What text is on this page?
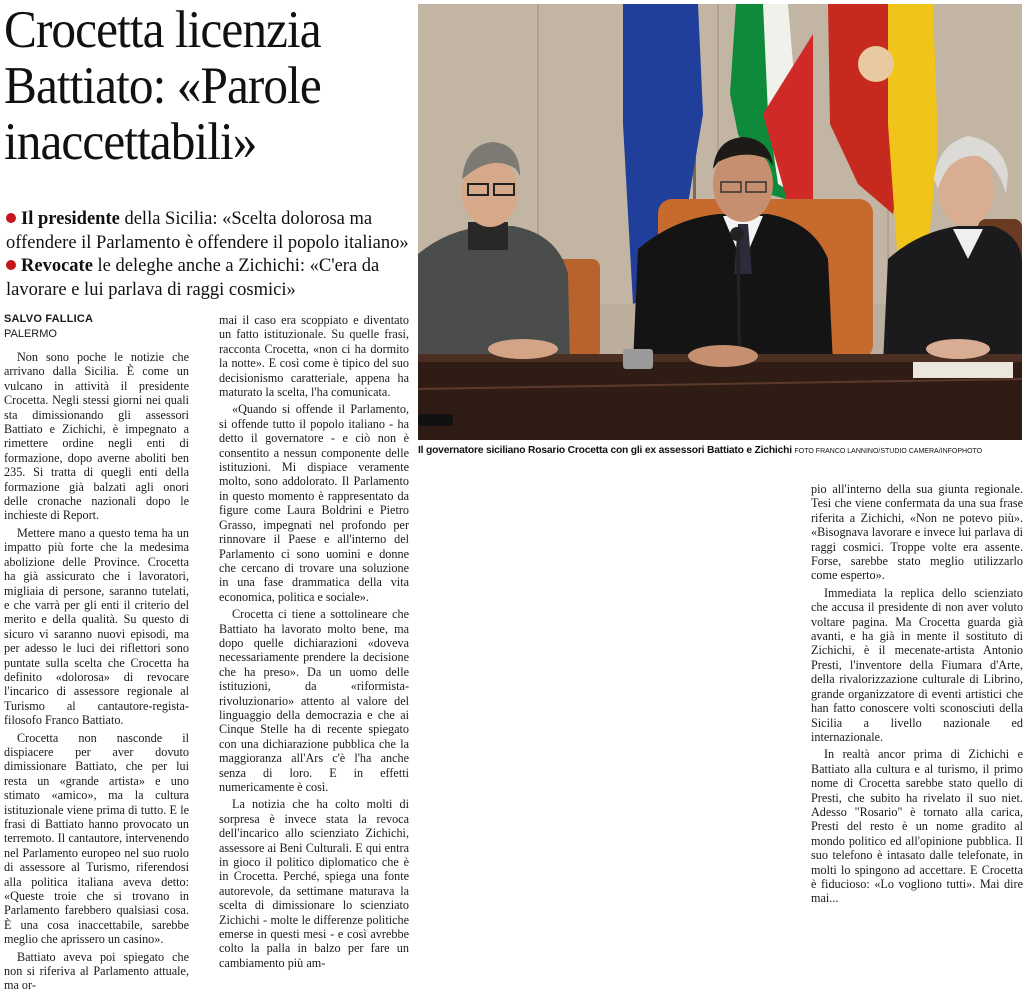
Crocetta licenzia
Battiato: «Parole
inaccettabili»
Il presidente della Sicilia: «Scelta dolorosa ma offendere il Parlamento è offendere il popolo italiano» Revocate le deleghe anche a Zichichi: «C'era da lavorare e lui parlava di raggi cosmici»
SALVO FALLICA
PALERMO

Non sono poche le notizie che arrivano dalla Sicilia. È come un vulcano in attività il presidente Crocetta. Negli stessi giorni nei quali sta dimissionando gli assessori Battiato e Zichichi, è impegnato a rimettere ordine negli enti di formazione, dopo averne aboliti ben 235. Si tratta di quegli enti della formazione già balzati agli onori delle cronache nazionali dopo le inchieste di Report.

Mettere mano a questo tema ha un impatto più forte che la medesima abolizione delle Province. Crocetta ha già assicurato che i lavoratori, migliaia di persone, saranno tutelati, e che varrà per gli enti il criterio del merito e della qualità. Su questo di sicuro vi saranno nuovi episodi, ma per adesso le luci dei riflettori sono puntate sulla scelta che Crocetta ha definito «dolorosa» di revocare l'incarico di assessore regionale al Turismo al cantautore-regista-filosofo Franco Battiato.

Crocetta non nasconde il dispiacere per aver dovuto dimissionare Battiato, che per lui resta un «grande artista» e uno stimato «amico», ma la cultura istituzionale viene prima di tutto. E le frasi di Battiato hanno provocato un terremoto. Il cantautore, intervenendo nel Parlamento europeo nel suo ruolo di assessore al Turismo, riferendosi alla politica italiana aveva detto: «Queste troie che si trovano in Parlamento farebbero qualsiasi cosa. È una cosa inaccettabile, sarebbe meglio che aprissero un casino».

Battiato aveva poi spiegato che non si riferiva al Parlamento attuale, ma or-

mai il caso era scoppiato e diventato un fatto istituzionale. Su quelle frasi, racconta Crocetta, «non ci ha dormito la notte». E così come è tipico del suo decisionismo caratteriale, appena ha maturato la scelta, l'ha comunicata.

«Quando si offende il Parlamento, si offende tutto il popolo italiano - ha detto il governatore - e ciò non è consentito a nessun componente delle istituzioni. Mi dispiace veramente molto, sono addolorato. Il Parlamento in questo momento è rappresentato da figure come Laura Boldrini e Pietro Grasso, impegnati nel profondo per rinnovare il Paese e all'interno del Parlamento ci sono uomini e donne che cercano di trovare una soluzione in una fase drammatica della vita economica, politica e sociale».

Crocetta ci tiene a sottolineare che Battiato ha lavorato molto bene, ma dopo quelle dichiarazioni «doveva necessariamente prendere la decisione che ha preso». Da un uomo delle istituzioni, da «riformista-rivoluzionario» attento al valore del linguaggio della democrazia e che ai Cinque Stelle ha di recente spiegato con una dichiarazione pubblica che la maggioranza all'Ars c'è l'ha anche senza di loro. E in effetti numericamente è così.

La notizia che ha colto molti di sorpresa è invece stata la revoca dell'incarico allo scienziato Zichichi, assessore ai Beni Culturali. E qui entra in gioco il politico diplomatico che è in Crocetta. Perché, spiega una fonte autorevole, da settimane maturava la scelta di dimissionare lo scienziato Zichichi - molte le differenze politiche emerse in questi mesi - e così avrebbe colto la palla in balzo per fare un cambiamento più am-

Il governatore siciliano Rosario Crocetta con gli ex assessori Battiato e Zichichi FOTO FRANCO LANNINO/STUDIO CAMERA/INFOPHOTO

pio all'interno della sua giunta regionale. Tesi che viene confermata da una sua frase riferita a Zichichi, «Non ne potevo più». «Bisognava lavorare e invece lui parlava di raggi cosmici. Troppe volte era assente. Forse, sarebbe stato meglio utilizzarlo come esperto».

Immediata la replica dello scienziato che accusa il presidente di non aver voluto voltare pagina. Ma Crocetta guarda già avanti, e ha già in mente il sostituto di Zichichi, è il mecenate-artista Antonio Presti, l'inventore della Fiumara d'Arte, della rivalorizzazione culturale di Librino, grande organizzatore di eventi artistici che han fatto conoscere volti sconosciuti della Sicilia a livello nazionale ed internazionale.

In realtà ancor prima di Zichichi e Battiato alla cultura e al turismo, il primo nome di Crocetta sarebbe stato quello di Presti, che subito ha rivelato il suo niet. Adesso "Rosario" è tornato alla carica, Presti del resto è un nome gradito al mondo politico ed all'opinione pubblica. Il suo telefono è intasato dalle telefonate, in molti lo spingono ad accettare. E Crocetta è fiducioso: «Lo vogliono tutti». Mai dire mai...
